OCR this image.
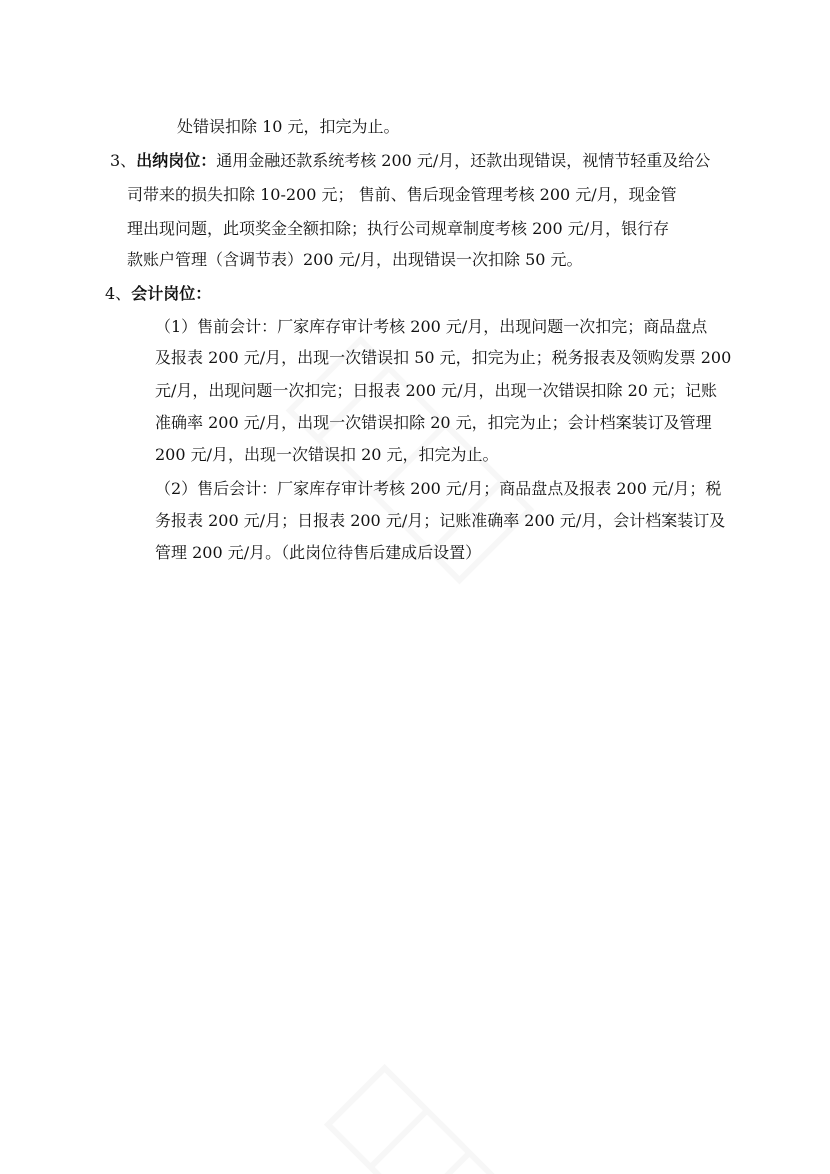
处错误扣除 10 元，扣完为止。
3、出纳岗位：通用金融还款系统考核 200 元/月，还款出现错误，视情节轻重及给公
司带来的损失扣除 10-200 元； 售前、售后现金管理考核 200 元/月，现金管
理出现问题，此项奖金全额扣除；执行公司规章制度考核 200 元/月，银行存
款账户管理（含调节表）200 元/月，出现错误一次扣除 50 元。
4、会计岗位：
（1）售前会计：厂家库存审计考核 200 元/月，出现问题一次扣完；商品盘点
及报表 200 元/月，出现一次错误扣 50 元，扣完为止；税务报表及领购发票 200
元/月，出现问题一次扣完；日报表 200 元/月，出现一次错误扣除 20 元；记账
准确率 200 元/月，出现一次错误扣除 20 元，扣完为止；会计档案装订及管理
200 元/月，出现一次错误扣 20 元，扣完为止。
（2）售后会计：厂家库存审计考核 200 元/月；商品盘点及报表 200 元/月；税
务报表 200 元/月；日报表 200 元/月；记账准确率 200 元/月，会计档案装订及
管理 200 元/月。（此岗位待售后建成后设置）
